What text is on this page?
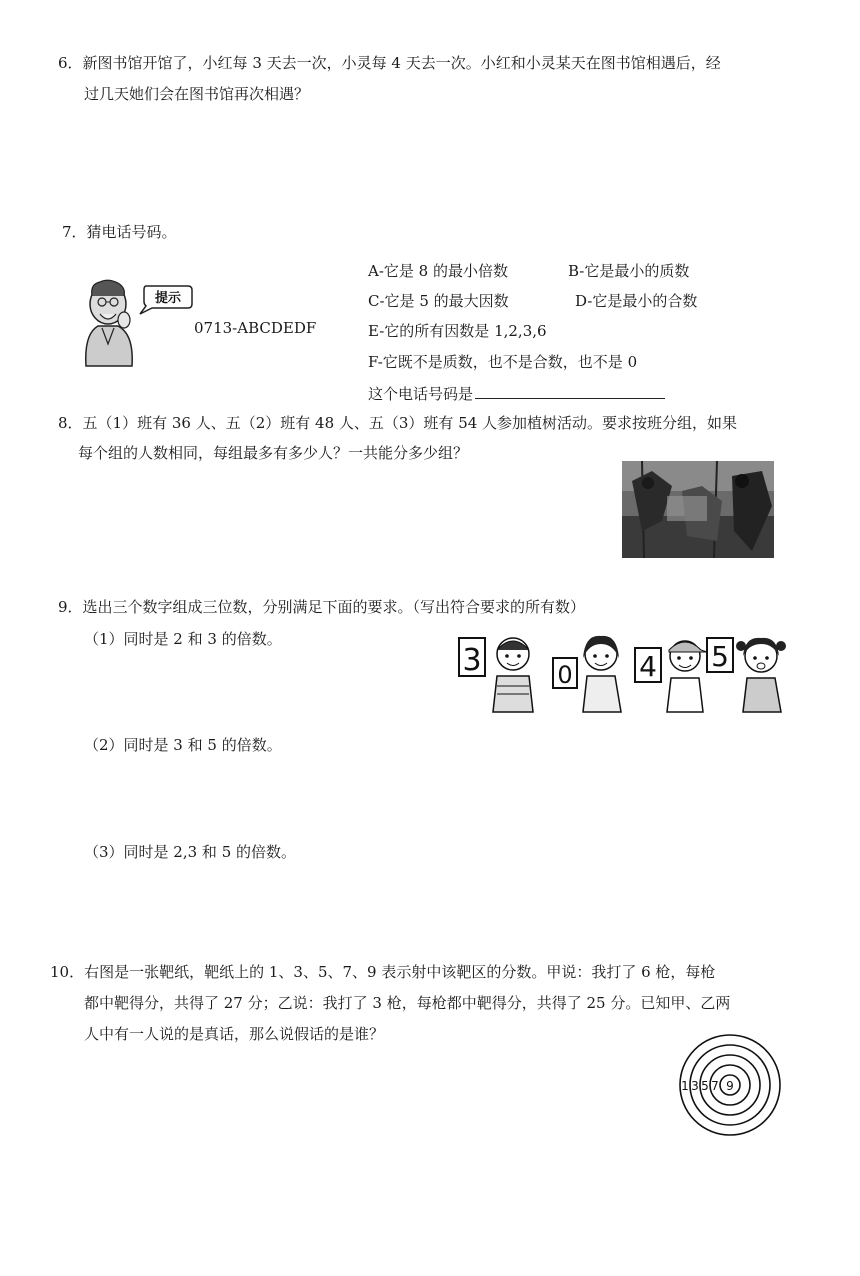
6．新图书馆开馆了，小红每 3 天去一次，小灵每 4 天去一次。小红和小灵某天在图书馆相遇后，经
过几天她们会在图书馆再次相遇？
7．猜电话号码。
提示
0713-ABCDEDF
A-它是 8 的最小倍数	B-它是最小的质数
C-它是 5 的最大因数	D-它是最小的合数
E-它的所有因数是 1,2,3,6
F-它既不是质数，也不是合数，也不是 0
这个电话号码是
8．五（1）班有 36 人、五（2）班有 48 人、五（3）班有 54 人参加植树活动。要求按班分组，如果
每个组的人数相同，每组最多有多少人？一共能分多少组？
9．选出三个数字组成三位数，分别满足下面的要求。（写出符合要求的所有数）
（1）同时是 2 和 3 的倍数。
3	0 4 5
（2）同时是 3 和 5 的倍数。
（3）同时是 2,3 和 5 的倍数。
10．右图是一张靶纸，靶纸上的 1、3、5、7、9 表示射中该靶区的分数。甲说：我打了 6 枪，每枪
都中靶得分，共得了 27 分；乙说：我打了 3 枪，每枪都中靶得分，共得了 25 分。已知甲、乙两
人中有一人说的是真话，那么说假话的是谁？
1 3 5 7 9
